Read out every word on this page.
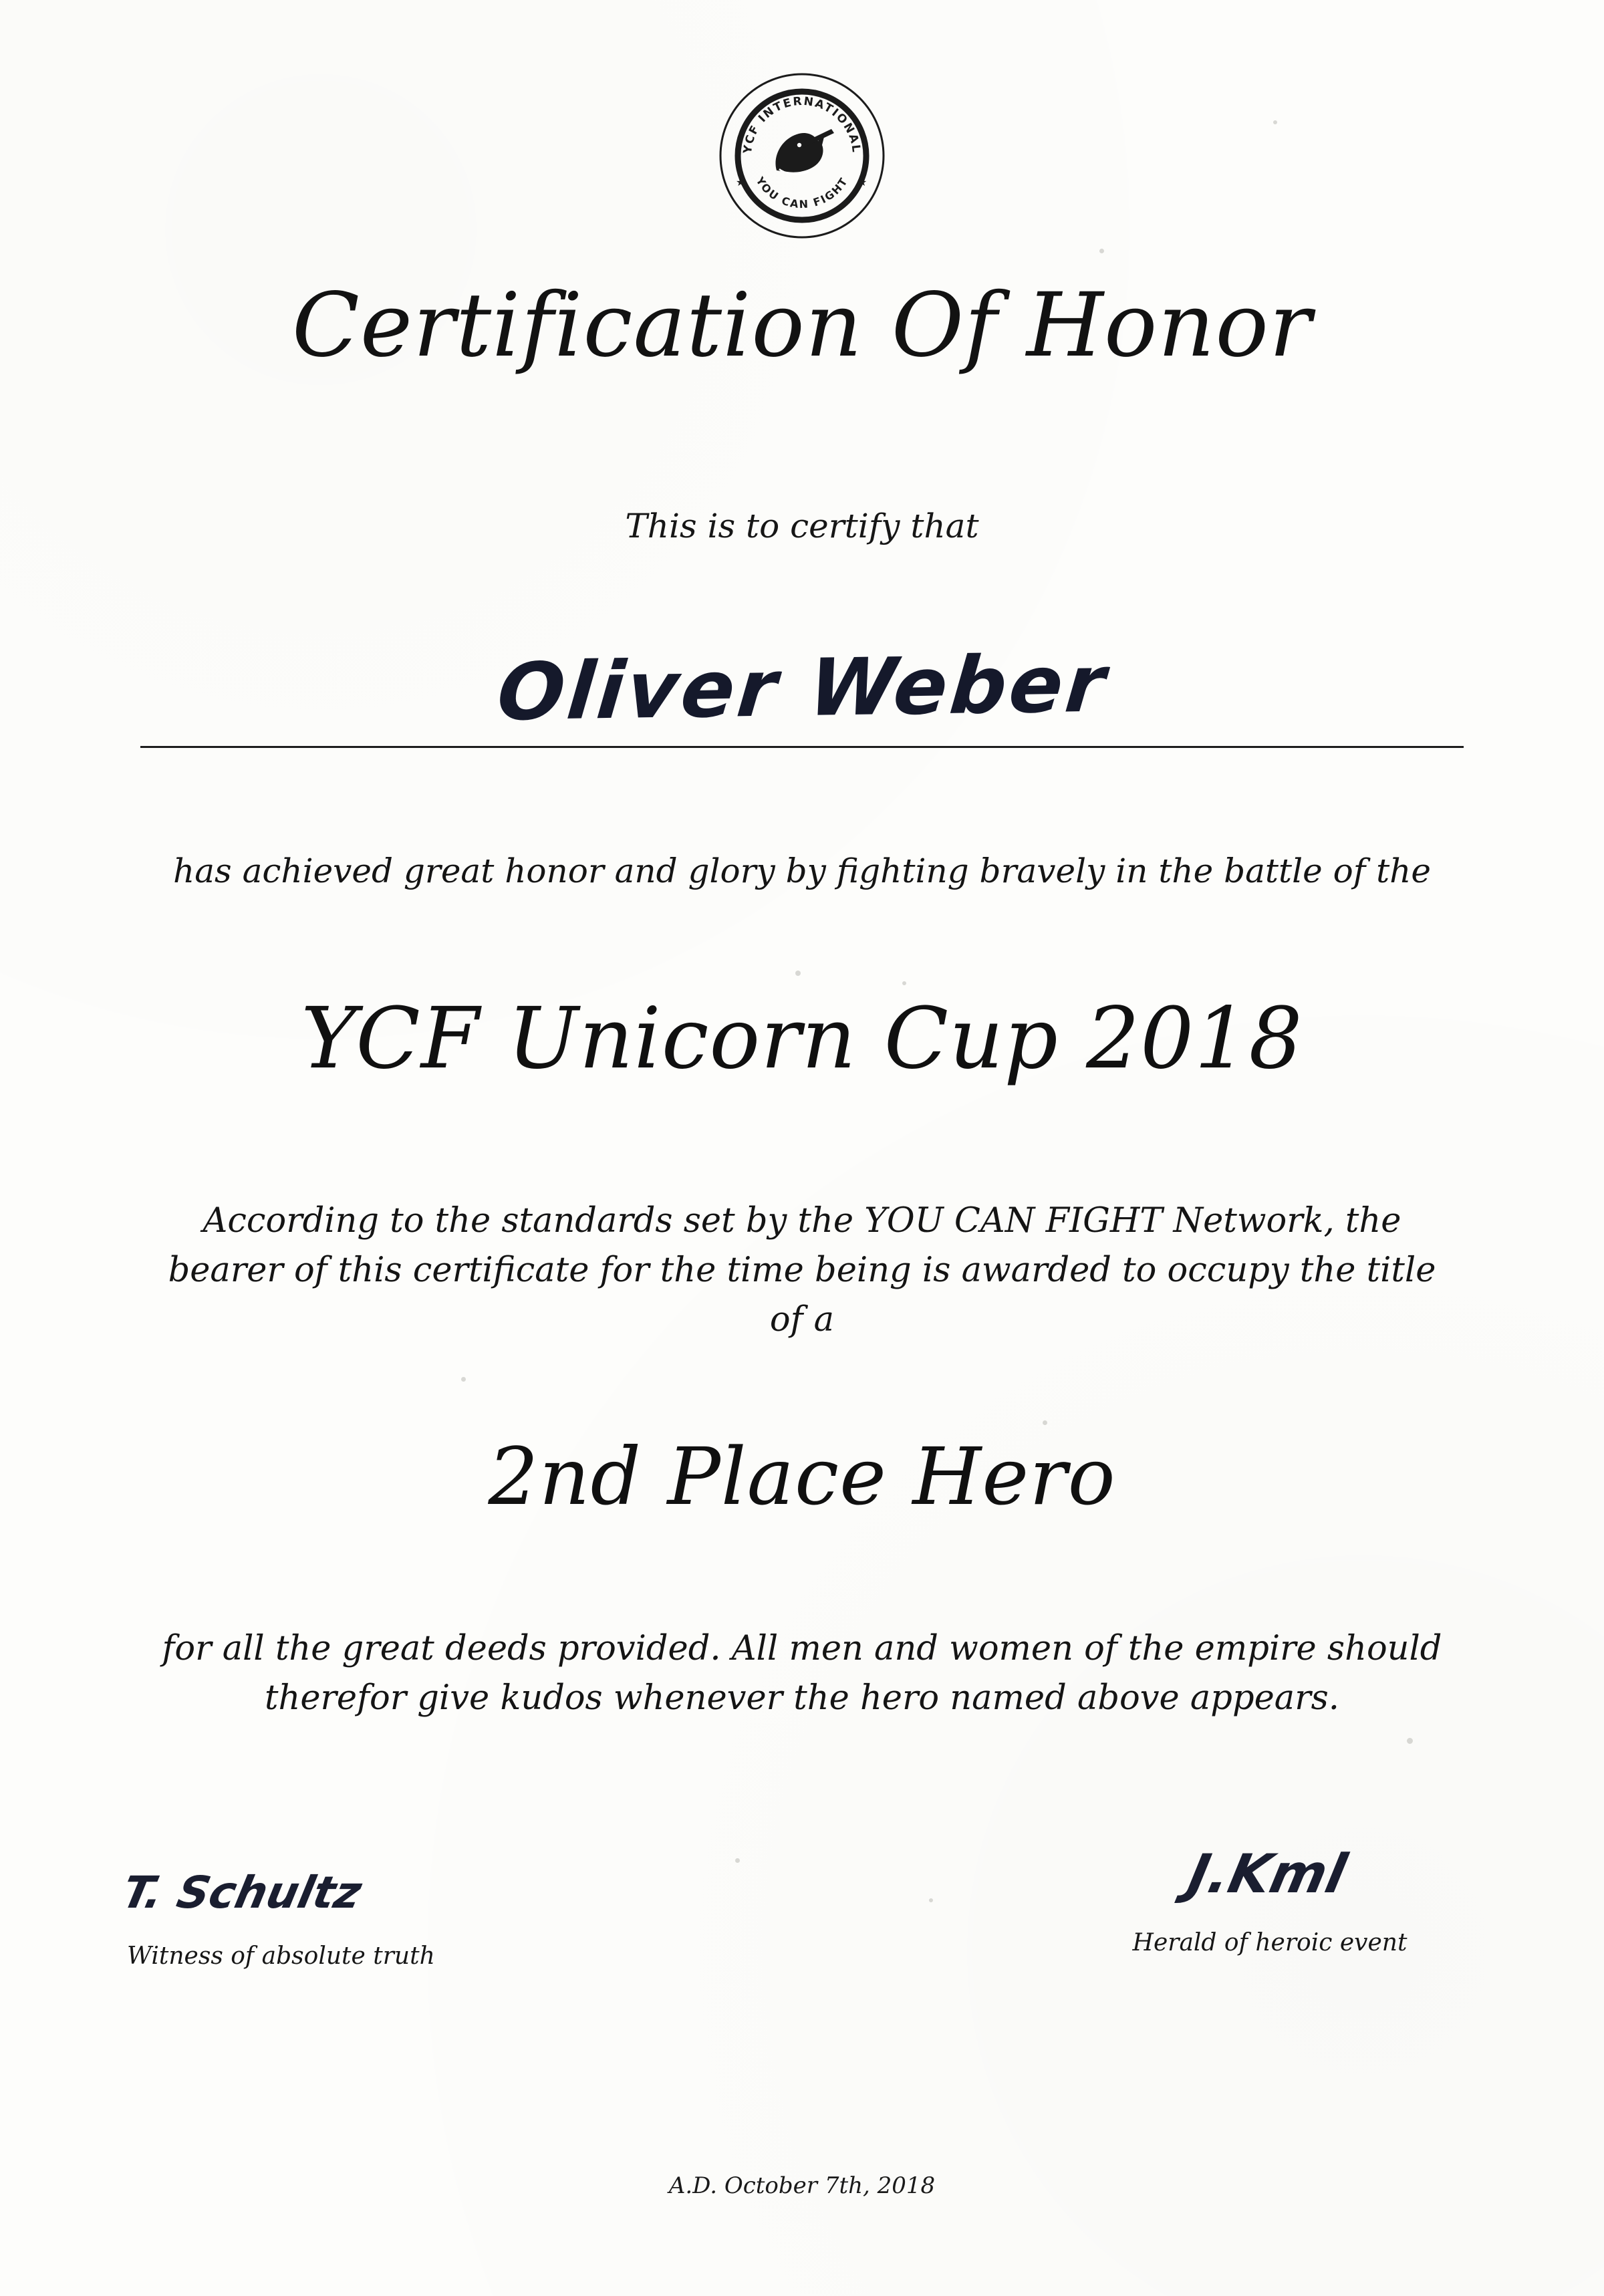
YCF INTERNATIONAL
YOU CAN FIGHT
★	★
Certification Of Honor
This is to certify that
Oliver Weber
has achieved great honor and glory by fighting bravely in the battle of the
YCF Unicorn Cup 2018
According to the standards set by the YOU CAN FIGHT Network, the bearer of this certificate for the time being is awarded to occupy the title of a
2nd Place Hero
for all the great deeds provided. All men and women of the empire should therefor give kudos whenever the hero named above appears.
T. Schultz
Witness of absolute truth
J.Kml
Herald of heroic event
A.D. October 7th, 2018
